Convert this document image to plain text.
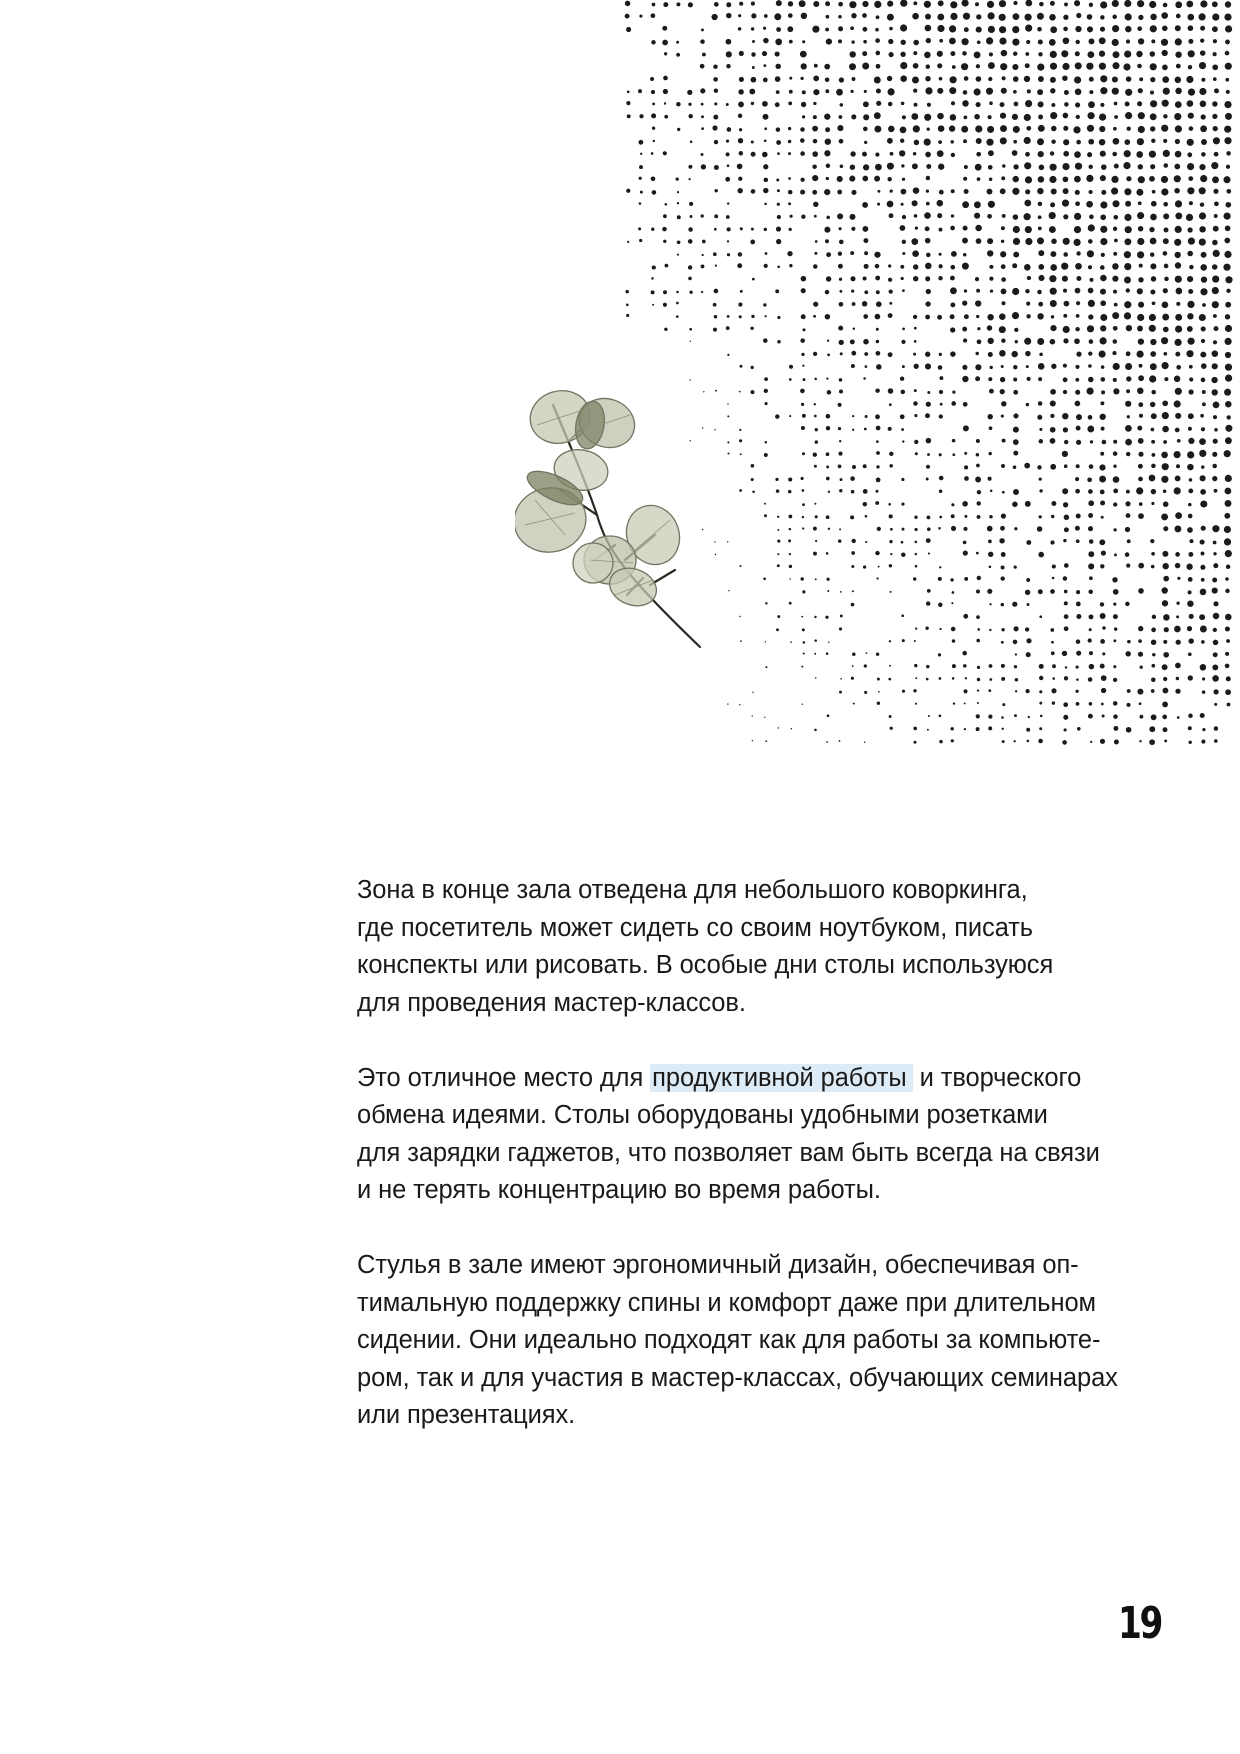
Зона в конце зала отведена для небольшого коворкинга,
где посетитель может сидеть со своим ноутбуком, писать
конспекты или рисовать. В особые дни столы используюся
для проведения мастер-классов.

Это отличное место для продуктивной работы и творческого
обмена идеями. Столы оборудованы удобными розетками
для зарядки гаджетов, что позволяет вам быть всегда на связи
и не терять концентрацию во время работы.

Стулья в зале имеют эргономичный дизайн, обеспечивая оп-
тимальную поддержку спины и комфорт даже при длительном
сидении. Они идеально подходят как для работы за компьюте-
ром, так и для участия в мастер-классах, обучающих семинарах
или презентациях.

19
